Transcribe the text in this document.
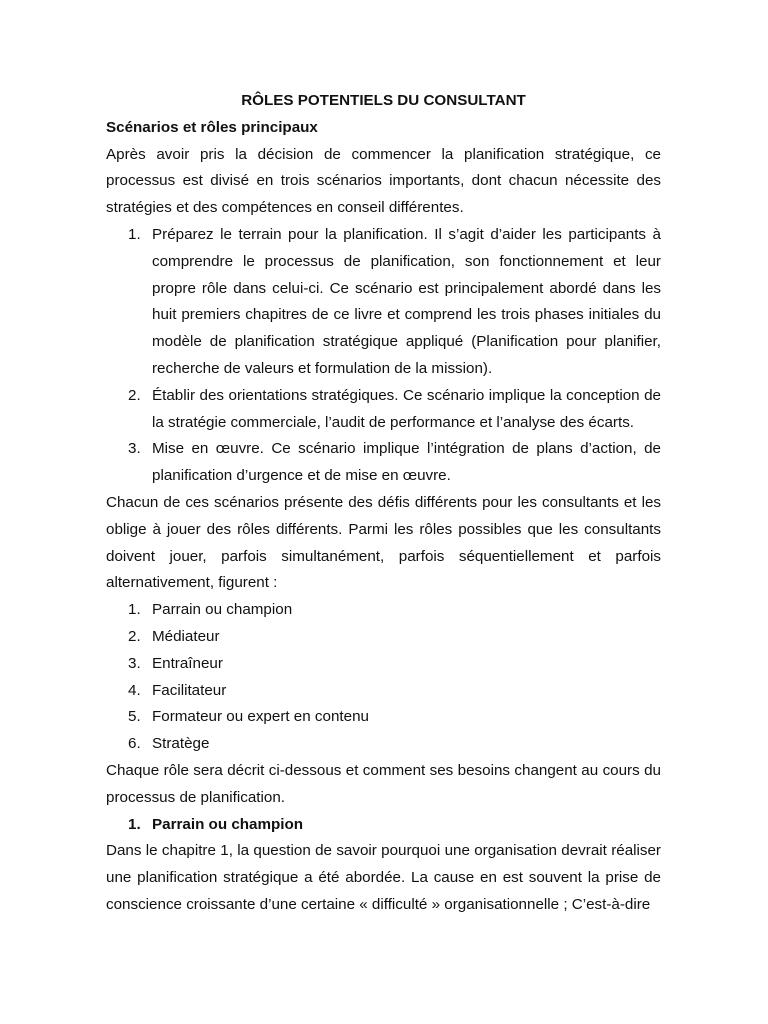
RÔLES POTENTIELS DU CONSULTANT

Scénarios et rôles principaux

Après avoir pris la décision de commencer la planification stratégique, ce processus est divisé en trois scénarios importants, dont chacun nécessite des stratégies et des compétences en conseil différentes.

1. Préparez le terrain pour la planification. Il s’agit d’aider les participants à comprendre le processus de planification, son fonctionnement et leur propre rôle dans celui-ci. Ce scénario est principalement abordé dans les huit premiers chapitres de ce livre et comprend les trois phases initiales du modèle de planification stratégique appliqué (Planification pour planifier, recherche de valeurs et formulation de la mission).
2. Établir des orientations stratégiques. Ce scénario implique la conception de la stratégie commerciale, l’audit de performance et l’analyse des écarts.
3. Mise en œuvre. Ce scénario implique l’intégration de plans d’action, de planification d’urgence et de mise en œuvre.

Chacun de ces scénarios présente des défis différents pour les consultants et les oblige à jouer des rôles différents. Parmi les rôles possibles que les consultants doivent jouer, parfois simultanément, parfois séquentiellement et parfois alternativement, figurent :

1. Parrain ou champion
2. Médiateur
3. Entraîneur
4. Facilitateur
5. Formateur ou expert en contenu
6. Stratège

Chaque rôle sera décrit ci-dessous et comment ses besoins changent au cours du processus de planification.

1. Parrain ou champion

Dans le chapitre 1, la question de savoir pourquoi une organisation devrait réaliser une planification stratégique a été abordée. La cause en est souvent la prise de conscience croissante d’une certaine « difficulté » organisationnelle ; C’est-à-dire
